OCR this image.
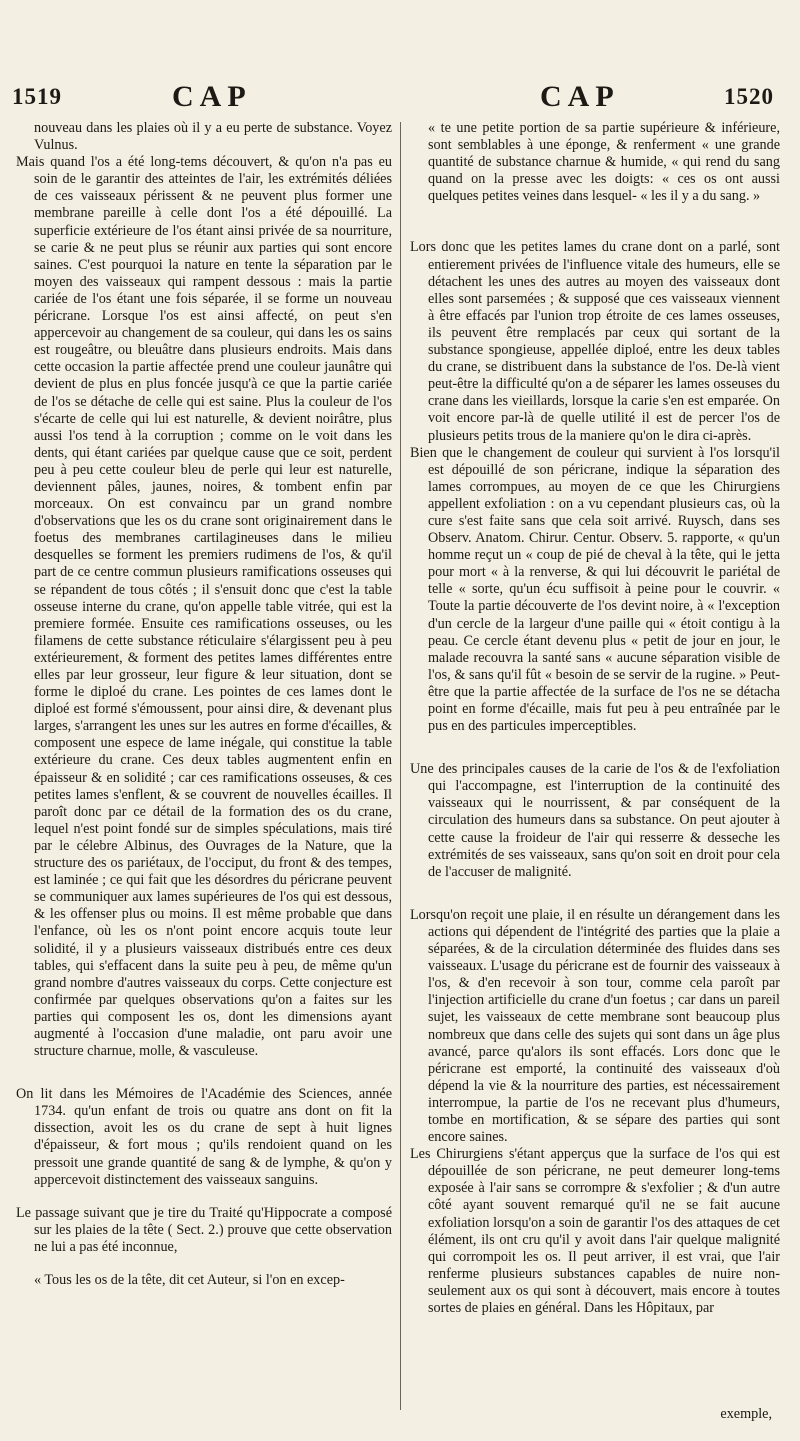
1519	CAP	CAP	1520

nouveau dans les plaies où il y a eu perte de substance. Voyez Vulnus.

Mais quand l'os a été long-tems découvert, & qu'on n'a pas eu soin de le garantir des atteintes de l'air, les extrémités déliées de ces vaisseaux périssent & ne peuvent plus former une membrane pareille à celle dont l'os a été dépouillé. La superficie extérieure de l'os étant ainsi privée de sa nourriture, se carie & ne peut plus se réunir aux parties qui sont encore saines. C'est pourquoi la nature en tente la séparation par le moyen des vaisseaux qui rampent dessous : mais la partie cariée de l'os étant une fois séparée, il se forme un nouveau péricrane. Lorsque l'os est ainsi affecté, on peut s'en appercevoir au changement de sa couleur, qui dans les os sains est rougeâtre, ou bleuâtre dans plusieurs endroits. Mais dans cette occasion la partie affectée prend une couleur jaunâtre qui devient de plus en plus foncée jusqu'à ce que la partie cariée de l'os se détache de celle qui est saine. Plus la couleur de l'os s'écarte de celle qui lui est naturelle, & devient noirâtre, plus aussi l'os tend à la corruption ; comme on le voit dans les dents, qui étant cariées par quelque cause que ce soit, perdent peu à peu cette couleur bleu de perle qui leur est naturelle, deviennent pâles, jaunes, noires, & tombent enfin par morceaux. On est convaincu par un grand nombre d'observations que les os du crane sont originairement dans le foetus des membranes cartilagineuses dans le milieu desquelles se forment les premiers rudimens de l'os, & qu'il part de ce centre commun plusieurs ramifications osseuses qui se répandent de tous côtés ; il s'ensuit donc que c'est la table osseuse interne du crane, qu'on appelle table vitrée, qui est la premiere formée. Ensuite ces ramifications osseuses, ou les filamens de cette substance réticulaire s'élargissent peu à peu extérieurement, & forment des petites lames différentes entre elles par leur grosseur, leur figure & leur situation, dont se forme le diploé du crane. Les pointes de ces lames dont le diploé est formé s'émoussent, pour ainsi dire, & devenant plus larges, s'arrangent les unes sur les autres en forme d'écailles, & composent une espece de lame inégale, qui constitue la table extérieure du crane. Ces deux tables augmentent enfin en épaisseur & en solidité ; car ces ramifications osseuses, & ces petites lames s'enflent, & se couvrent de nouvelles écailles. Il paroît donc par ce détail de la formation des os du crane, lequel n'est point fondé sur de simples spéculations, mais tiré par le célebre Albinus, des Ouvrages de la Nature, que la structure des os pariétaux, de l'occiput, du front & des tempes, est laminée ; ce qui fait que les désordres du péricrane peuvent se communiquer aux lames supérieures de l'os qui est dessous, & les offenser plus ou moins. Il est même probable que dans l'enfance, où les os n'ont point encore acquis toute leur solidité, il y a plusieurs vaisseaux distribués entre ces deux tables, qui s'effacent dans la suite peu à peu, de même qu'un grand nombre d'autres vaisseaux du corps. Cette conjecture est confirmée par quelques observations qu'on a faites sur les parties qui composent les os, dont les dimensions ayant augmenté à l'occasion d'une maladie, ont paru avoir une structure charnue, molle, & vasculeuse.

On lit dans les Mémoires de l'Académie des Sciences, année 1734. qu'un enfant de trois ou quatre ans dont on fit la dissection, avoit les os du crane de sept à huit lignes d'épaisseur, & fort mous ; qu'ils rendoient quand on les pressoit une grande quantité de sang & de lymphe, & qu'on y appercevoit distinctement des vaisseaux sanguins.

Le passage suivant que je tire du Traité qu'Hippocrate a composé sur les plaies de la tête ( Sect. 2.) prouve que cette observation ne lui a pas été inconnue,

« Tous les os de la tête, dit cet Auteur, si l'on en excep-

« te une petite portion de sa partie supérieure & inférieure, sont semblables à une éponge, & renferment « une grande quantité de substance charnue & humide, « qui rend du sang quand on la presse avec les doigts: « ces os ont aussi quelques petites veines dans lesquel- « les il y a du sang. »

Lors donc que les petites lames du crane dont on a parlé, sont entierement privées de l'influence vitale des humeurs, elle se détachent les unes des autres au moyen des vaisseaux dont elles sont parsemées ; & supposé que ces vaisseaux viennent à être effacés par l'union trop étroite de ces lames osseuses, ils peuvent être remplacés par ceux qui sortant de la substance spongieuse, appellée diploé, entre les deux tables du crane, se distribuent dans la substance de l'os. De-là vient peut-être la difficulté qu'on a de séparer les lames osseuses du crane dans les vieillards, lorsque la carie s'en est emparée. On voit encore par-là de quelle utilité il est de percer l'os de plusieurs petits trous de la maniere qu'on le dira ci-après.

Bien que le changement de couleur qui survient à l'os lorsqu'il est dépouillé de son péricrane, indique la séparation des lames corrompues, au moyen de ce que les Chirurgiens appellent exfoliation : on a vu cependant plusieurs cas, où la cure s'est faite sans que cela soit arrivé. Ruysch, dans ses Observ. Anatom. Chirur. Centur. Observ. 5. rapporte, « qu'un homme reçut un « coup de pié de cheval à la tête, qui le jetta pour mort « à la renverse, & qui lui découvrit le pariétal de telle « sorte, qu'un écu suffisoit à peine pour le couvrir. « Toute la partie découverte de l'os devint noire, à « l'exception d'un cercle de la largeur d'une paille qui « étoit contigu à la peau. Ce cercle étant devenu plus « petit de jour en jour, le malade recouvra la santé sans « aucune séparation visible de l'os, & sans qu'il fût « besoin de se servir de la rugine. » Peut-être que la partie affectée de la surface de l'os ne se détacha point en forme d'écaille, mais fut peu à peu entraînée par le pus en des particules imperceptibles.

Une des principales causes de la carie de l'os & de l'exfoliation qui l'accompagne, est l'interruption de la continuité des vaisseaux qui le nourrissent, & par conséquent de la circulation des humeurs dans sa substance. On peut ajouter à cette cause la froideur de l'air qui resserre & desseche les extrémités de ses vaisseaux, sans qu'on soit en droit pour cela de l'accuser de malignité.

Lorsqu'on reçoit une plaie, il en résulte un dérangement dans les actions qui dépendent de l'intégrité des parties que la plaie a séparées, & de la circulation déterminée des fluides dans ses vaisseaux. L'usage du péricrane est de fournir des vaisseaux à l'os, & d'en recevoir à son tour, comme cela paroît par l'injection artificielle du crane d'un foetus ; car dans un pareil sujet, les vaisseaux de cette membrane sont beaucoup plus nombreux que dans celle des sujets qui sont dans un âge plus avancé, parce qu'alors ils sont effacés. Lors donc que le péricrane est emporté, la continuité des vaisseaux d'où dépend la vie & la nourriture des parties, est nécessairement interrompue, la partie de l'os ne recevant plus d'humeurs, tombe en mortification, & se sépare des parties qui sont encore saines.

Les Chirurgiens s'étant apperçus que la surface de l'os qui est dépouillée de son péricrane, ne peut demeurer long-tems exposée à l'air sans se corrompre & s'exfolier ; & d'un autre côté ayant souvent remarqué qu'il ne se fait aucune exfoliation lorsqu'on a soin de garantir l'os des attaques de cet élément, ils ont cru qu'il y avoit dans l'air quelque malignité qui corrompoit les os. Il peut arriver, il est vrai, que l'air renferme plusieurs substances capables de nuire non-seulement aux os qui sont à découvert, mais encore à toutes sortes de plaies en général. Dans les Hôpitaux, par

exemple,
